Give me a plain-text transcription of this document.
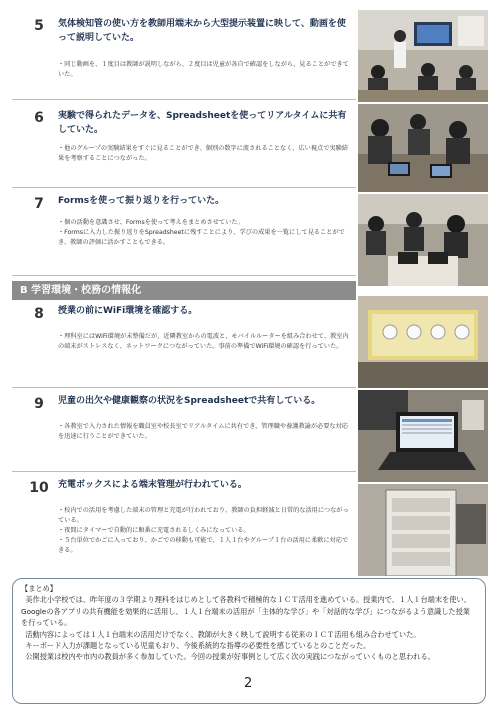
5	気体検知管の使い方を教師用端末から大型提示装置に映して、動画を使って説明していた。
・同じ動画を、１度目は教師が説明しながら、２度目は児童が各自で確認をしながら、見ることができていた。
6	実験で得られたデータを、Spreadsheetを使ってリアルタイムに共有していた。
・他のグループの実験結果をすぐに見ることができ、個別の数字に流されることなく、広い視点で実験結果を考察することにつながった。
7	Formsを使って振り返りを行っていた。
・個の活動を意識させ、Formsを使って考えをまとめさせていた。
・Formsに入力した振り返りをSpreadsheetに残すことにより、学びの成果を一覧にして見ることができ、教師の評価に活かすこともできる。
B 学習環境・校務の情報化
8	授業の前にWiFi環境を確認する。
・理科室にはWiFi環境が未整備だが、近隣教室からの電波と、モバイルルーターを組み合わせて、教室内の端末がストレスなく、ネットワークにつながっていた。事前の準備でWiFi環境の確認を行っていた。
9	児童の出欠や健康観察の状況をSpreadsheetで共有している。
・各教室で入力された情報を職員室や校長室でリアルタイムに共有でき、管理職や養護教諭が必要な対応を迅速に行うことができていた。
10	充電ボックスによる端末管理が行われている。
・校内での活用を考慮した端末の管理と充電が行われており、教師の負担軽減と日常的な活用につながっている。
・夜間にタイマーで自動的に順番に充電されるしくみになっている。
・５台単位でかごに入っており、かごでの移動も可能で、１人１台やグループ１台の活用に柔軟に対応できる。

【まとめ】

美作北小学校では、昨年度の３学期より理科をはじめとして各教科で積極的なＩＣＴ活用を進めている。授業内で、１人１台端末を使い、Googleの各アプリの共有機能を効果的に活用し、１人１台端末の活用が「主体的な学び」や「対話的な学び」につながるよう意識した授業を行っている。

活動内容によっては１人１台端末の活用だけでなく、教師が大きく映して説明する従来のＩＣＴ活用も組み合わせていた。

キーボード入力が課題となっている児童もおり、今後系統的な指導の必要性を感じているとのことだった。

公開授業は校内や市内の教員が多く参加していた。今回の授業が好事例として広く次の実践につながっていくものと思われる。

2
